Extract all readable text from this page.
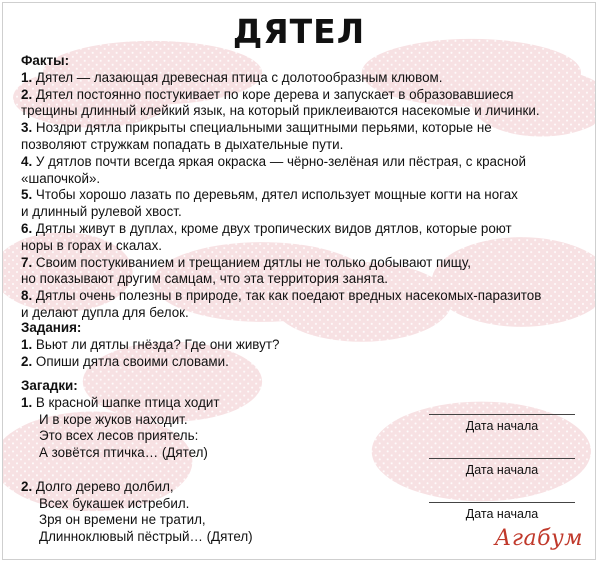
ДЯТЕЛ
Факты:
1. Дятел — лазающая древесная птица с долотообразным клювом.
2. Дятел постоянно постукивает по коре дерева и запускает в образовавшиеся
трещины длинный клейкий язык, на который приклеиваются насекомые и личинки.
3. Ноздри дятла прикрыты специальными защитными перьями, которые не
позволяют стружкам попадать в дыхательные пути.
4. У дятлов почти всегда яркая окраска — чёрно-зелёная или пёстрая, с красной
«шапочкой».
5. Чтобы хорошо лазать по деревьям, дятел использует мощные когти на ногах
и длинный рулевой хвост.
6. Дятлы живут в дуплах, кроме двух тропических видов дятлов, которые роют
норы в горах и скалах.
7. Своим постукиванием и трещанием дятлы не только добывают пищу,
но показывают другим самцам, что эта территория занята.
8. Дятлы очень полезны в природе, так как поедают вредных насекомых-паразитов
и делают дупла для белок.
Задания:
1. Вьют ли дятлы гнёзда? Где они живут?
2. Опиши дятла своими словами.
Загадки:
1. В красной шапке птица ходит
И в коре жуков находит.
Это всех лесов приятель:
А зовётся птичка… (Дятел)
2. Долго дерево долбил,
Всех букашек истребил.
Зря он времени не тратил,
Длинноклювый пёстрый… (Дятел)
Дата начала
Дата начала
Дата начала
Агабум
